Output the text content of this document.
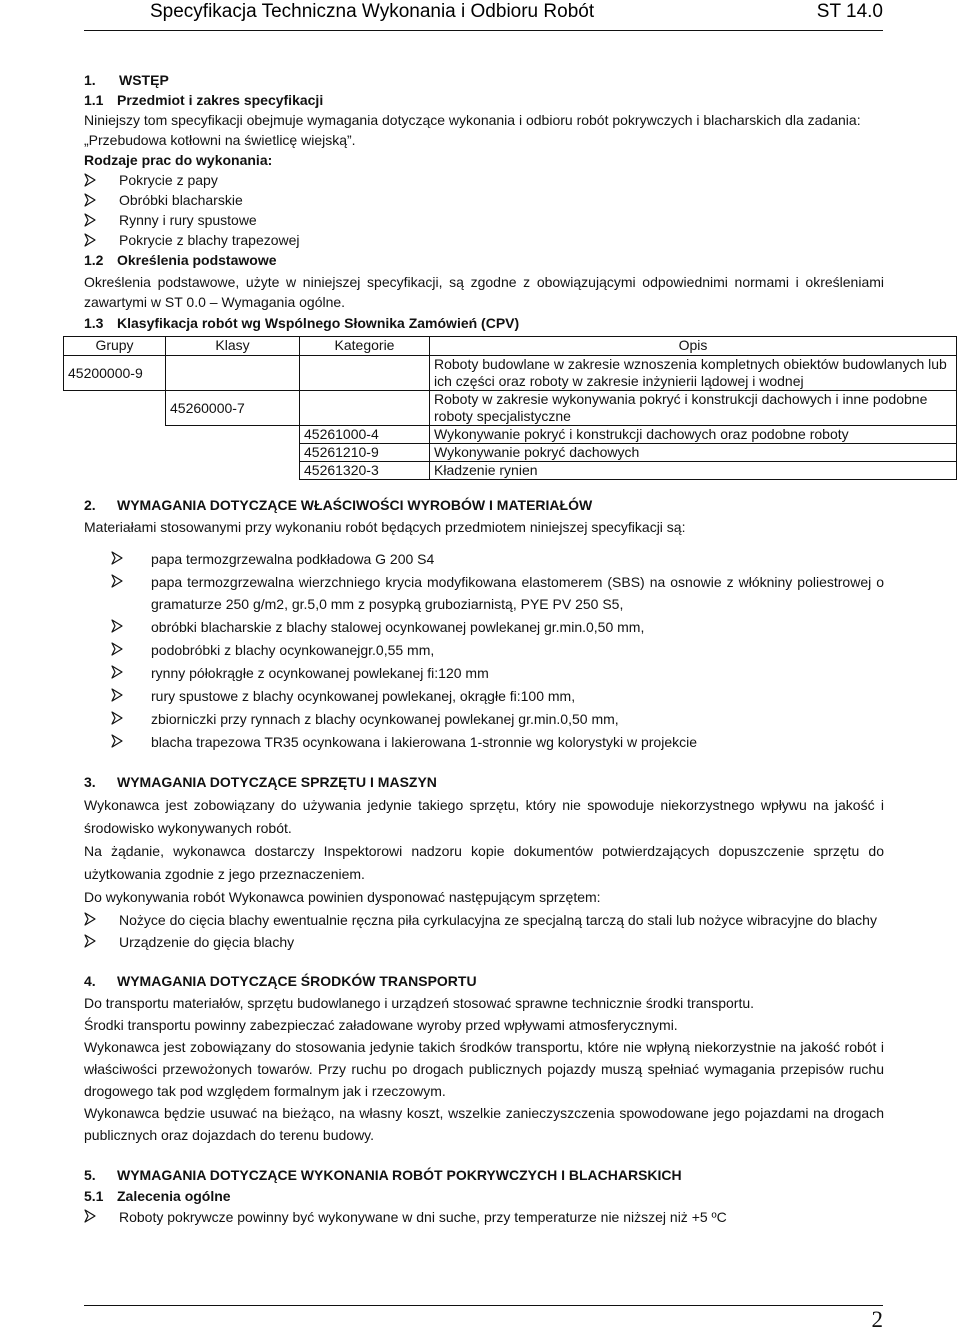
Specyfikacja Techniczna Wykonania i Odbioru Robót	ST 14.0

1. WSTĘP

1.1 Przedmiot i zakres specyfikacji

Niniejszy tom specyfikacji obejmuje wymagania dotyczące wykonania i odbioru robót pokrywczych i blacharskich dla zadania: „Przebudowa kotłowni na świetlicę wiejską”.

Rodzaje prac do wykonania:

Pokrycie z papy
Obróbki blacharskie
Rynny i rury spustowe
Pokrycie z blachy trapezowej

1.2 Określenia podstawowe

Określenia podstawowe, użyte w niniejszej specyfikacji, są zgodne z obowiązującymi odpowiednimi normami i określeniami zawartymi w ST 0.0 – Wymagania ogólne.

1.3 Klasyfikacja robót wg Wspólnego Słownika Zamówień (CPV)

Grupy	Klasy	Kategorie	Opis
45200000-9			Roboty budowlane w zakresie wznoszenia kompletnych obiektów budowlanych lub ich części oraz roboty w zakresie inżynierii lądowej i wodnej
	45260000-7		Roboty w zakresie wykonywania pokryć i konstrukcji dachowych i inne podobne roboty specjalistyczne
		45261000-4	Wykonywanie pokryć i konstrukcji dachowych oraz podobne roboty
		45261210-9	Wykonywanie pokryć dachowych
		45261320-3	Kładzenie rynien

2. WYMAGANIA DOTYCZĄCE WŁAŚCIWOŚCI WYROBÓW I MATERIAŁÓW

Materiałami stosowanymi przy wykonaniu robót będących przedmiotem niniejszej specyfikacji są:

papa termozgrzewalna podkładowa G 200 S4
papa termozgrzewalna wierzchniego krycia modyfikowana elastomerem (SBS) na osnowie z włókniny poliestrowej o gramaturze 250 g/m2, gr.5,0 mm z posypką gruboziarnistą, PYE PV 250 S5,
obróbki blacharskie z blachy stalowej ocynkowanej powlekanej gr.min.0,50 mm,
podobróbki z blachy ocynkowanejgr.0,55 mm,
rynny półokrągłe z ocynkowanej powlekanej fi:120 mm
rury spustowe z blachy ocynkowanej powlekanej, okrągłe fi:100 mm,
zbiorniczki przy rynnach z blachy ocynkowanej powlekanej gr.min.0,50 mm,
blacha trapezowa TR35 ocynkowana i lakierowana 1-stronnie wg kolorystyki w projekcie

3. WYMAGANIA DOTYCZĄCE SPRZĘTU I MASZYN

Wykonawca jest zobowiązany do używania jedynie takiego sprzętu, który nie spowoduje niekorzystnego wpływu na jakość i środowisko wykonywanych robót.

Na żądanie, wykonawca dostarczy Inspektorowi nadzoru kopie dokumentów potwierdzających dopuszczenie sprzętu do użytkowania zgodnie z jego przeznaczeniem.

Do wykonywania robót Wykonawca powinien dysponować następującym sprzętem:

Nożyce do cięcia blachy ewentualnie ręczna piła cyrkulacyjna ze specjalną tarczą do stali lub nożyce wibracyjne do blachy
Urządzenie do gięcia blachy

4. WYMAGANIA DOTYCZĄCE ŚRODKÓW TRANSPORTU

Do transportu materiałów, sprzętu budowlanego i urządzeń stosować sprawne technicznie środki transportu.

Środki transportu powinny zabezpieczać załadowane wyroby przed wpływami atmosferycznymi.

Wykonawca jest zobowiązany do stosowania jedynie takich środków transportu, które nie wpłyną niekorzystnie na jakość robót i właściwości przewożonych towarów. Przy ruchu po drogach publicznych pojazdy muszą spełniać wymagania przepisów ruchu drogowego tak pod względem formalnym jak i rzeczowym.

Wykonawca będzie usuwać na bieżąco, na własny koszt, wszelkie zanieczyszczenia spowodowane jego pojazdami na drogach publicznych oraz dojazdach do terenu budowy.

5. WYMAGANIA DOTYCZĄCE WYKONANIA ROBÓT POKRYWCZYCH I BLACHARSKICH

5.1 Zalecenia ogólne

Roboty pokrywcze powinny być wykonywane w dni suche, przy temperaturze nie niższej niż +5 ºC
2
